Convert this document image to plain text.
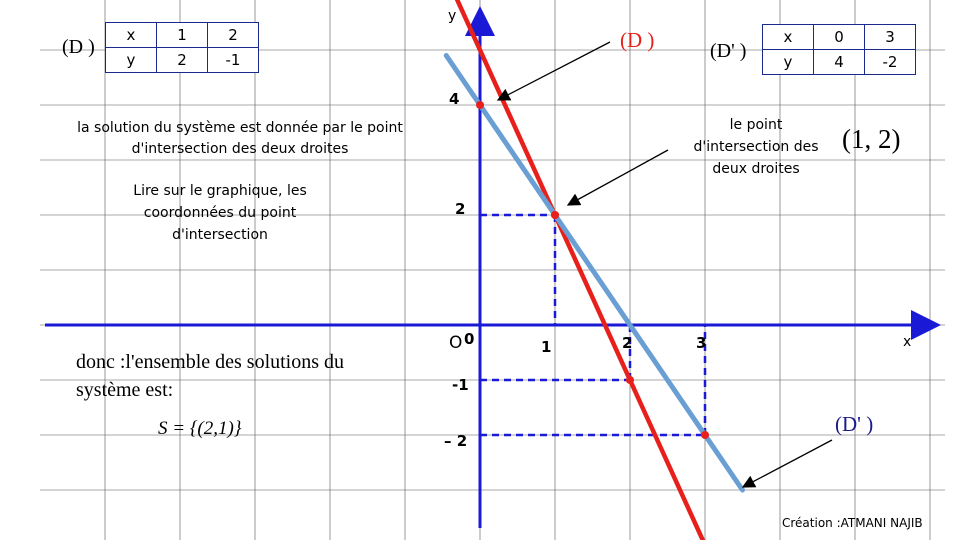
(D )
x	1	2
y	2	-1	(D' )
x	0	3
y	4	-2
(D )
(D' )
y
x
O 0	1	2	3
4
2
-1
– 2
la solution du système est donnée par le point d'intersection des deux droites
Lire sur le graphique, les coordonnées du point d'intersection
le point d'intersection des deux droites
(1, 2)
donc :l'ensemble des solutions du système est:
S = {(2,1)}
Création :ATMANI NAJIB
